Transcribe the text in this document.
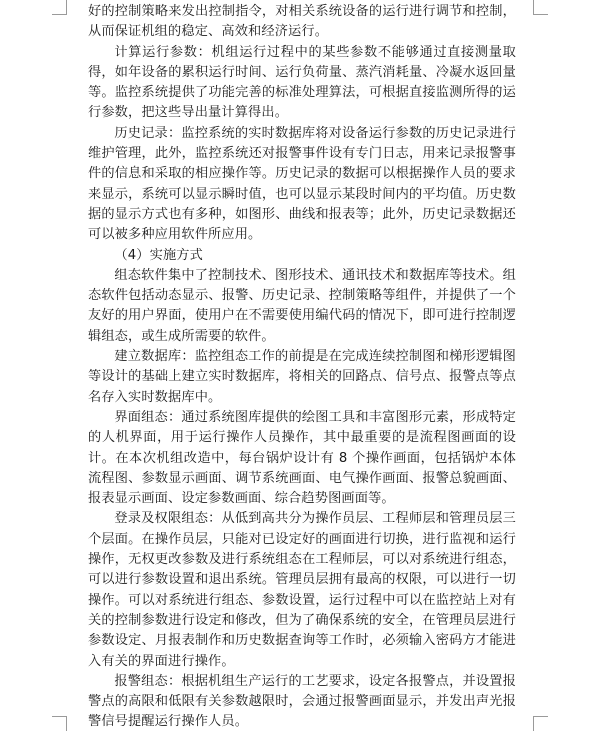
好的控制策略来发出控制指令，对相关系统设备的运行进行调节和控制，从而保证机组的稳定、高效和经济运行。

计算运行参数：机组运行过程中的某些参数不能够通过直接测量取得，如年设备的累积运行时间、运行负荷量、蒸汽消耗量、冷凝水返回量等。监控系统提供了功能完善的标准处理算法，可根据直接监测所得的运行参数，把这些导出量计算得出。

历史记录：监控系统的实时数据库将对设备运行参数的历史记录进行维护管理，此外，监控系统还对报警事件设有专门日志，用来记录报警事件的信息和采取的相应操作等。历史记录的数据可以根据操作人员的要求来显示，系统可以显示瞬时值，也可以显示某段时间内的平均值。历史数据的显示方式也有多种，如图形、曲线和报表等；此外，历史记录数据还可以被多种应用软件所应用。

（4）实施方式

组态软件集中了控制技术、图形技术、通讯技术和数据库等技术。组态软件包括动态显示、报警、历史记录、控制策略等组件，并提供了一个友好的用户界面，使用户在不需要使用编代码的情况下，即可进行控制逻辑组态，或生成所需要的软件。

建立数据库：监控组态工作的前提是在完成连续控制图和梯形逻辑图等设计的基础上建立实时数据库，将相关的回路点、信号点、报警点等点名存入实时数据库中。

界面组态：通过系统图库提供的绘图工具和丰富图形元素，形成特定的人机界面，用于运行操作人员操作，其中最重要的是流程图画面的设计。在本次机组改造中，每台锅炉设计有 8 个操作画面，包括锅炉本体流程图、参数显示画面、调节系统画面、电气操作画面、报警总貌画面、报表显示画面、设定参数画面、综合趋势图画面等。

登录及权限组态：从低到高共分为操作员层、工程师层和管理员层三个层面。在操作员层，只能对已设定好的画面进行切换，进行监视和运行操作，无权更改参数及进行系统组态在工程师层，可以对系统进行组态，可以进行参数设置和退出系统。管理员层拥有最高的权限，可以进行一切操作。可以对系统进行组态、参数设置，运行过程中可以在监控站上对有关的控制参数进行设定和修改，但为了确保系统的安全，在管理员层进行参数设定、月报表制作和历史数据查询等工作时，必须输入密码方才能进入有关的界面进行操作。

报警组态：根据机组生产运行的工艺要求，设定各报警点，并设置报警点的高限和低限有关参数越限时，会通过报警画面显示，并发出声光报警信号提醒运行操作人员。
